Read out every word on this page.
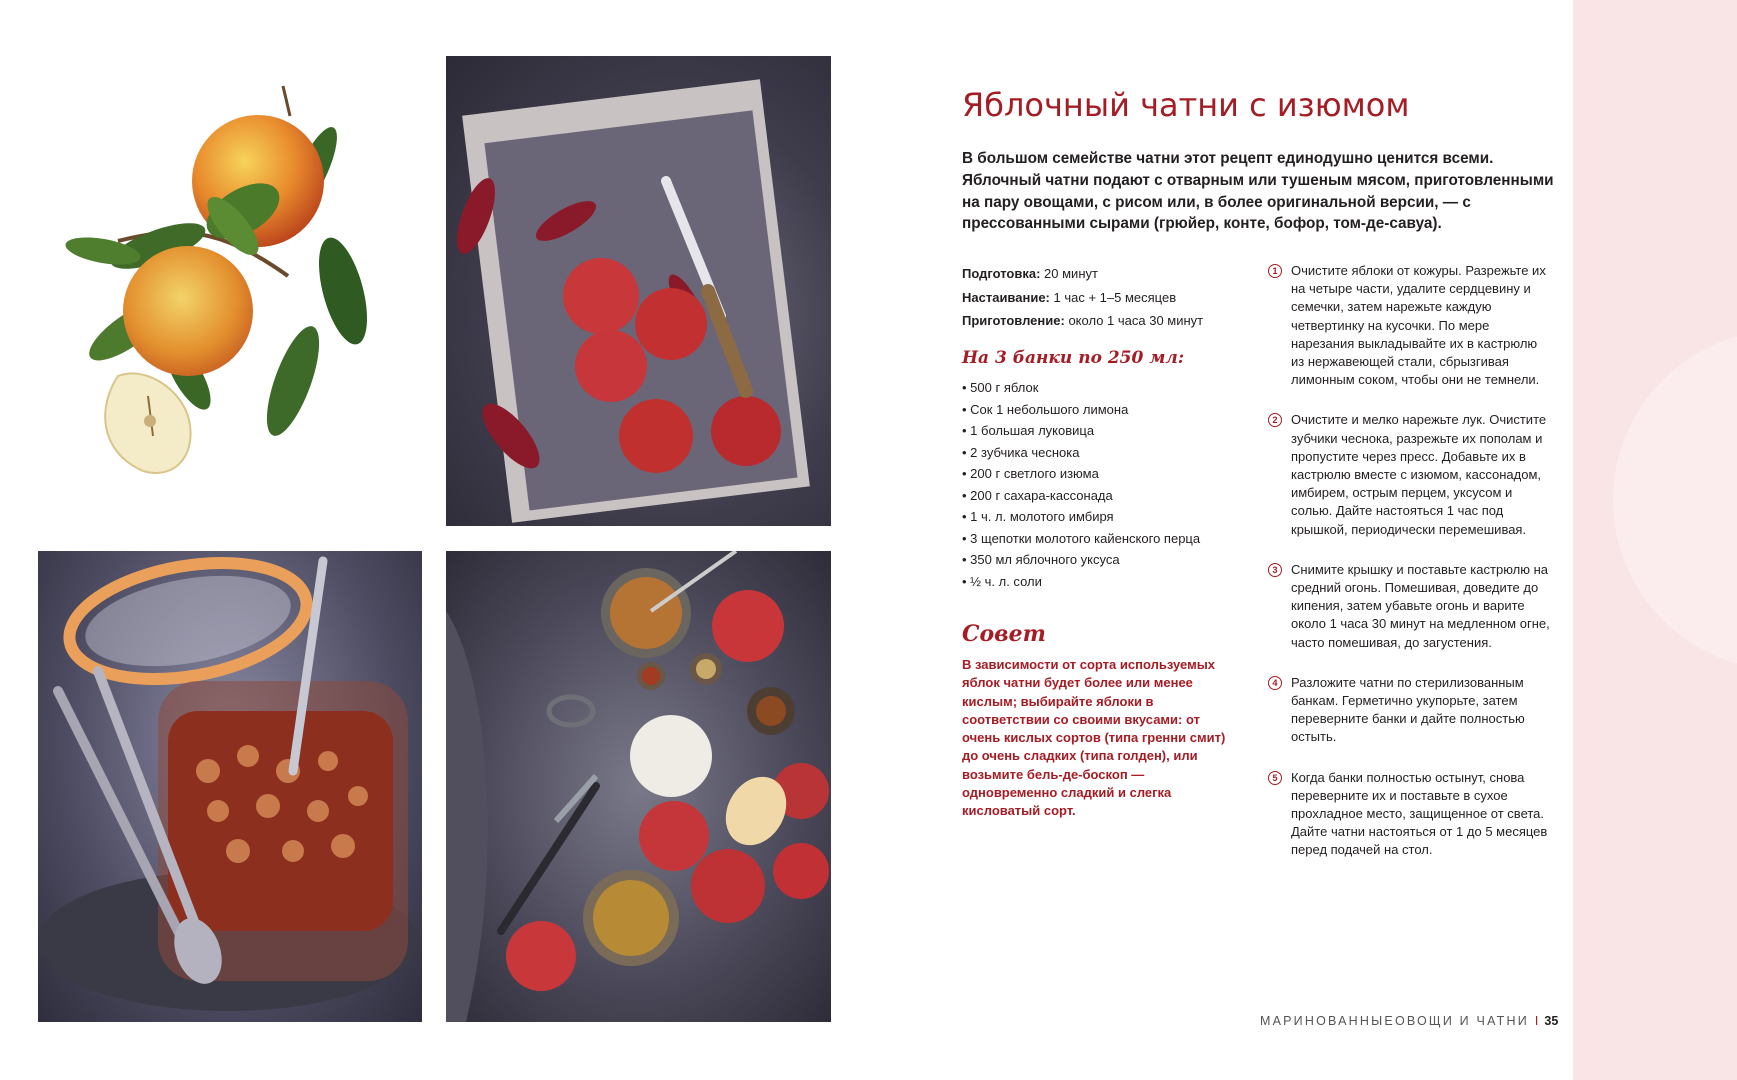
Яблочный чатни с изюмом

В большом семействе чатни этот рецепт единодушно ценится всеми. Яблочный чатни подают с отварным или тушеным мясом, приготовленными на пару овощами, с рисом или, в более оригинальной версии, — с прессованными сырами (грюйер, конте, бофор, том-де-савуа).

Подготовка: 20 минут
Настаивание: 1 час + 1–5 месяцев
Приготовление: около 1 часа 30 минут
На 3 банки по 250 мл:
• 500 г яблок
• Сок 1 небольшого лимона
• 1 большая луковица
• 2 зубчика чеснока
• 200 г светлого изюма
• 200 г сахара-кассонада
• 1 ч. л. молотого имбиря
• 3 щепотки молотого кайенского перца
• 350 мл яблочного уксуса
• ½ ч. л. соли
Совет

В зависимости от сорта используемых яблок чатни будет более или менее кислым; выбирайте яблоки в соответствии со своими вкусами: от очень кислых сортов (типа гренни смит) до очень сладких (типа голден), или возьмите бель-де-боскоп — одновременно сладкий и слегка кисловатый сорт.

1	Очистите яблоки от кожуры. Разрежьте их на четыре части, удалите сердцевину и семечки, затем нарежьте каждую четвертинку на кусочки. По мере нарезания выкладывайте их в кастрюлю из нержавеющей стали, сбрызгивая лимонным соком, чтобы они не темнели.
2	Очистите и мелко нарежьте лук. Очистите зубчики чеснока, разрежьте их пополам и пропустите через пресс. Добавьте их в кастрюлю вместе с изюмом, кассонадом, имбирем, острым перцем, уксусом и солью. Дайте настояться 1 час под крышкой, периодически перемешивая.
3	Снимите крышку и поставьте кастрюлю на средний огонь. Помешивая, доведите до кипения, затем убавьте огонь и варите около 1 часа 30 минут на медленном огне, часто помешивая, до загустения.
4	Разложите чатни по стерилизованным банкам. Герметично укупорьте, затем переверните банки и дайте полностью остыть.
5	Когда банки полностью остынут, снова переверните их и поставьте в сухое прохладное место, защищенное от света. Дайте чатни настояться от 1 до 5 месяцев перед подачей на стол.
МАРИНОВАННЫЕОВОЩИ И ЧАТНИ I 35
